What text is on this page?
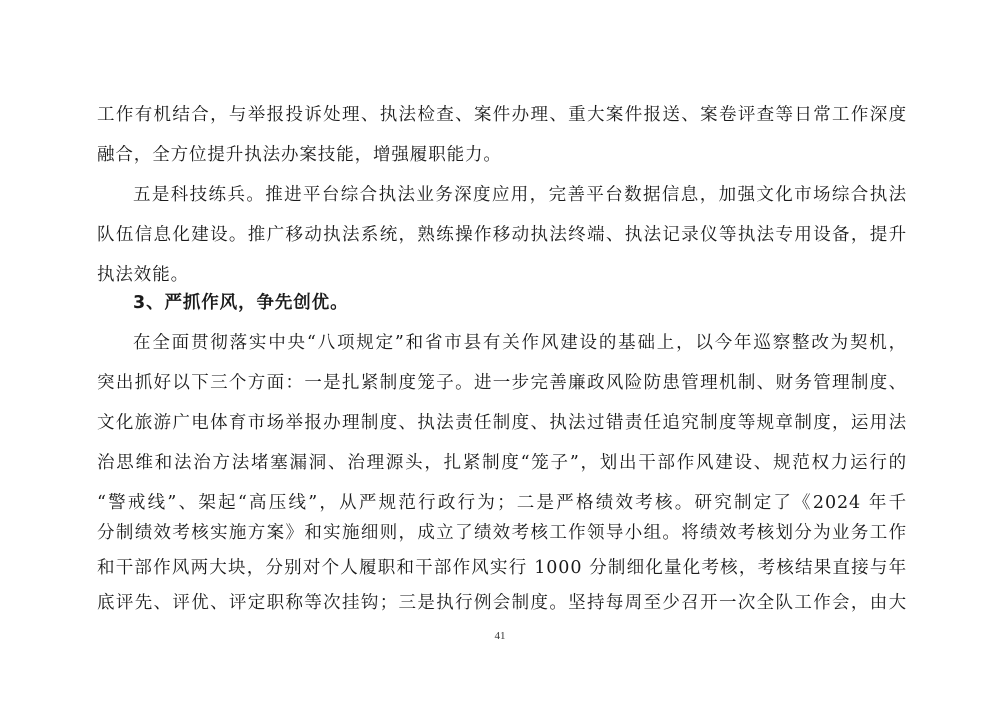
工作有机结合，与举报投诉处理、执法检查、案件办理、重大案件报送、案卷评查等日常工作深度
融合，全方位提升执法办案技能，增强履职能力。
五是科技练兵。推进平台综合执法业务深度应用，完善平台数据信息，加强文化市场综合执法
队伍信息化建设。推广移动执法系统，熟练操作移动执法终端、执法记录仪等执法专用设备，提升
执法效能。
3、严抓作风，争先创优。
在全面贯彻落实中央“八项规定”和省市县有关作风建设的基础上，以今年巡察整改为契机，
突出抓好以下三个方面：一是扎紧制度笼子。进一步完善廉政风险防患管理机制、财务管理制度、
文化旅游广电体育市场举报办理制度、执法责任制度、执法过错责任追究制度等规章制度，运用法
治思维和法治方法堵塞漏洞、治理源头，扎紧制度“笼子”，划出干部作风建设、规范权力运行的
“警戒线”、架起“高压线”，从严规范行政行为；二是严格绩效考核。研究制定了《2024 年千
分制绩效考核实施方案》和实施细则，成立了绩效考核工作领导小组。将绩效考核划分为业务工作
和干部作风两大块，分别对个人履职和干部作风实行 1000 分制细化量化考核，考核结果直接与年
底评先、评优、评定职称等次挂钩；三是执行例会制度。坚持每周至少召开一次全队工作会，由大
41
